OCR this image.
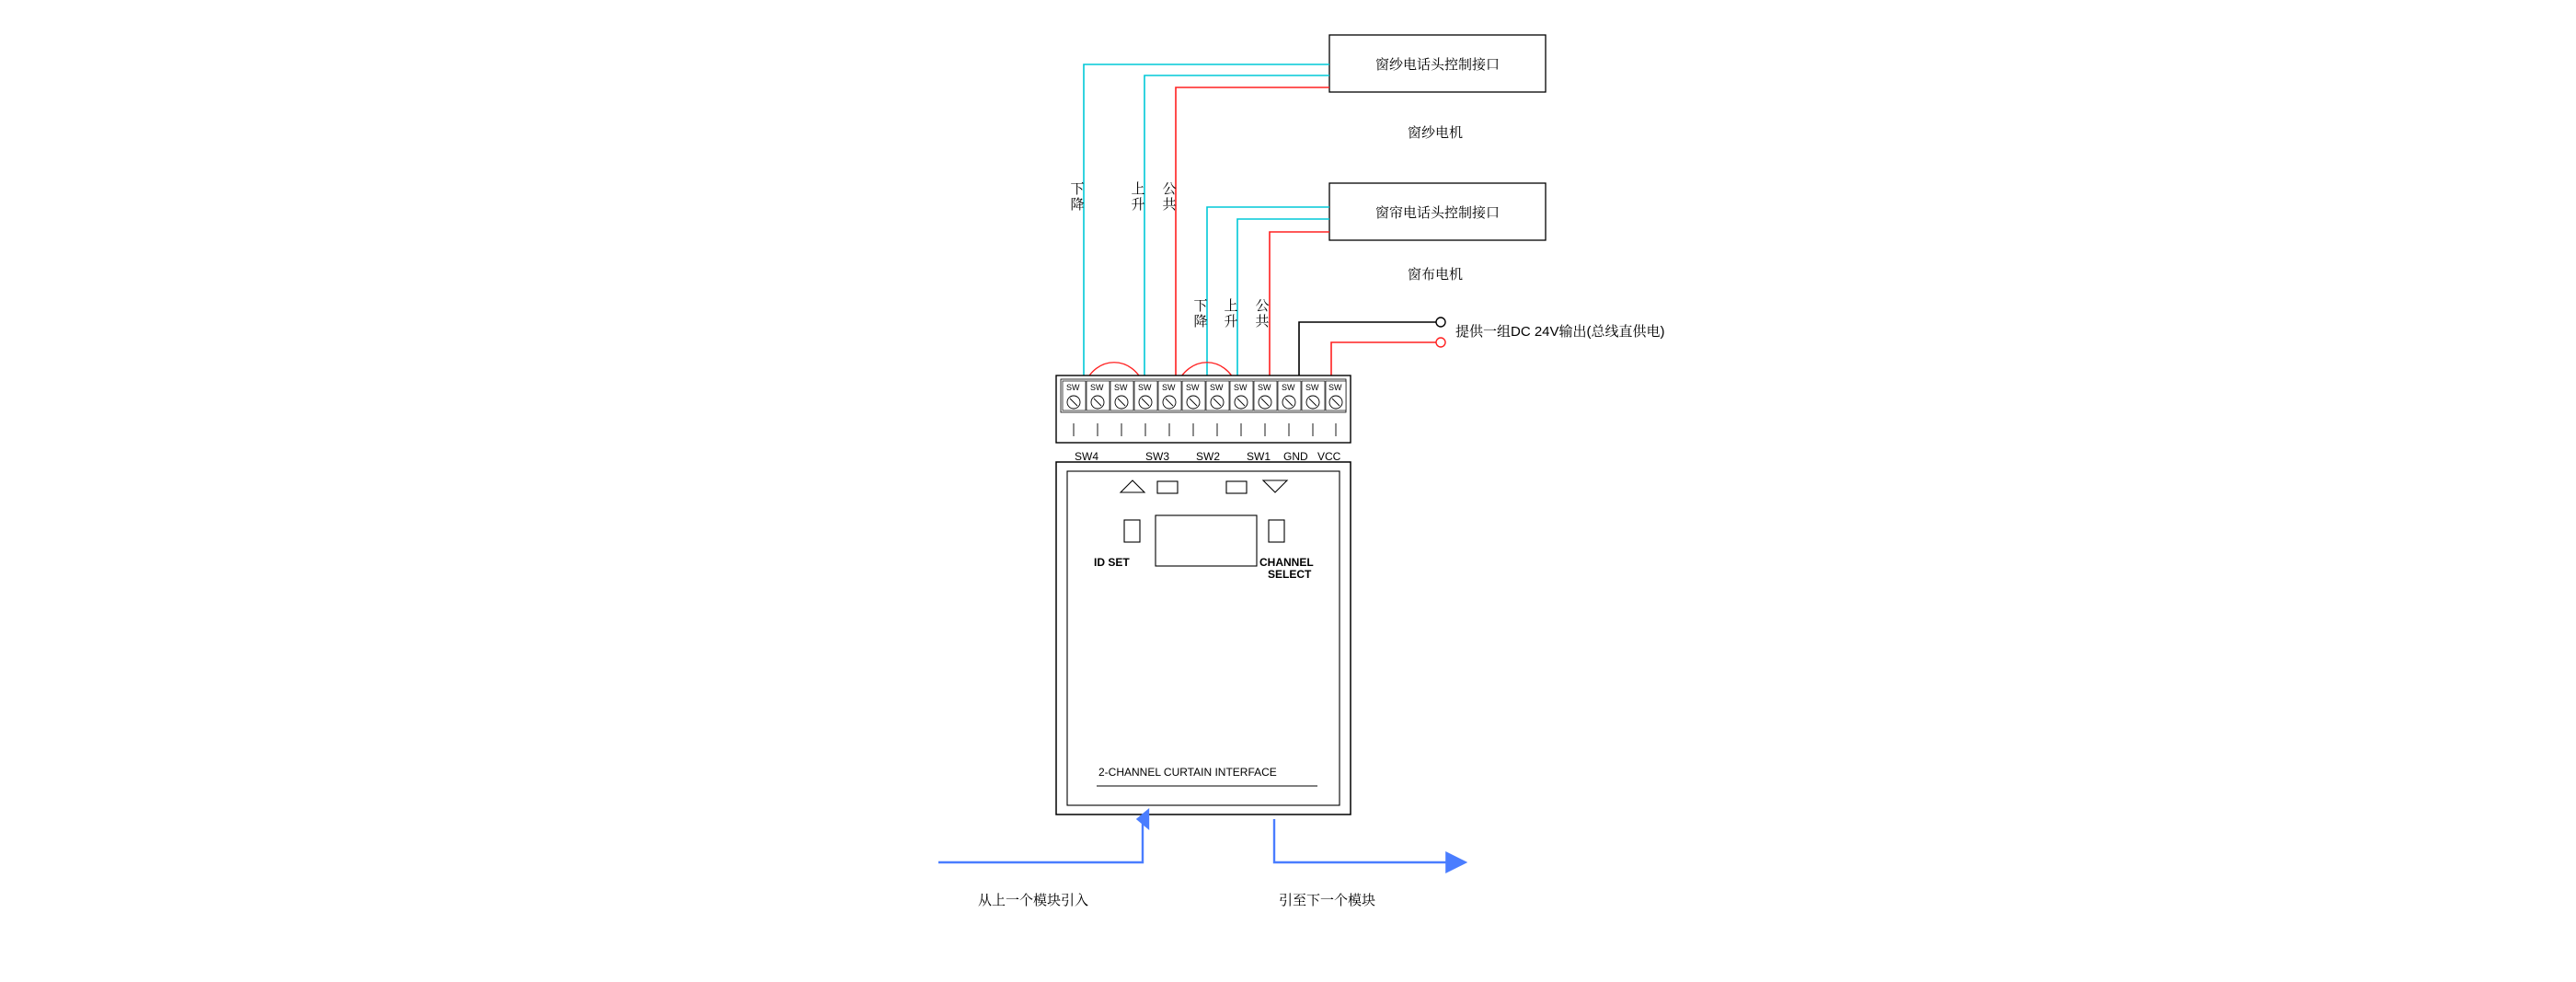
窗纱电话头控制接口
窗纱电机
窗帘电话头控制接口
窗布电机
下降
上升
公共
下降
上升
公共
提供一组DC 24V输出(总线直供电)
SW SW SW SW SW SW SW SW SW SW SW SW
SW4	SW3 SW2 SW1 GND VCC
ID SET	CHANNEL
SELECT
2-CHANNEL CURTAIN INTERFACE
从上一个模块引入	引至下一个模块
